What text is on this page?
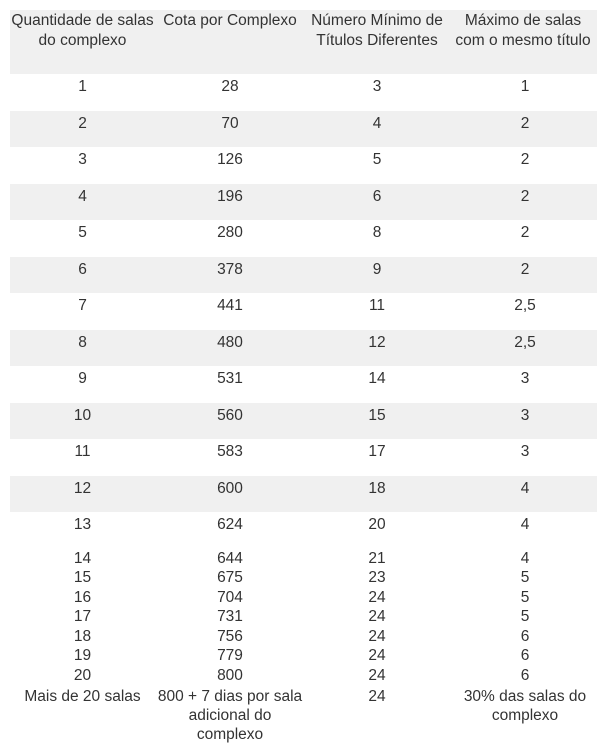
Quantidade de salas do complexo	Cota por Complexo	Número Mínimo de Títulos Diferentes	Máximo de salas com o mesmo título
1	28	3	1
2	70	4	2
3	126	5	2
4	196	6	2
5	280	8	2
6	378	9	2
7	441	11	2,5
8	480	12	2,5
9	531	14	3
10	560	15	3
11	583	17	3
12	600	18	4
13	624	20	4
14	644	21	4
15	675	23	5
16	704	24	5
17	731	24	5
18	756	24	6
19	779	24	6
20	800	24	6
Mais de 20 salas	800 + 7 dias por sala adicional do complexo	24	30% das salas do complexo
